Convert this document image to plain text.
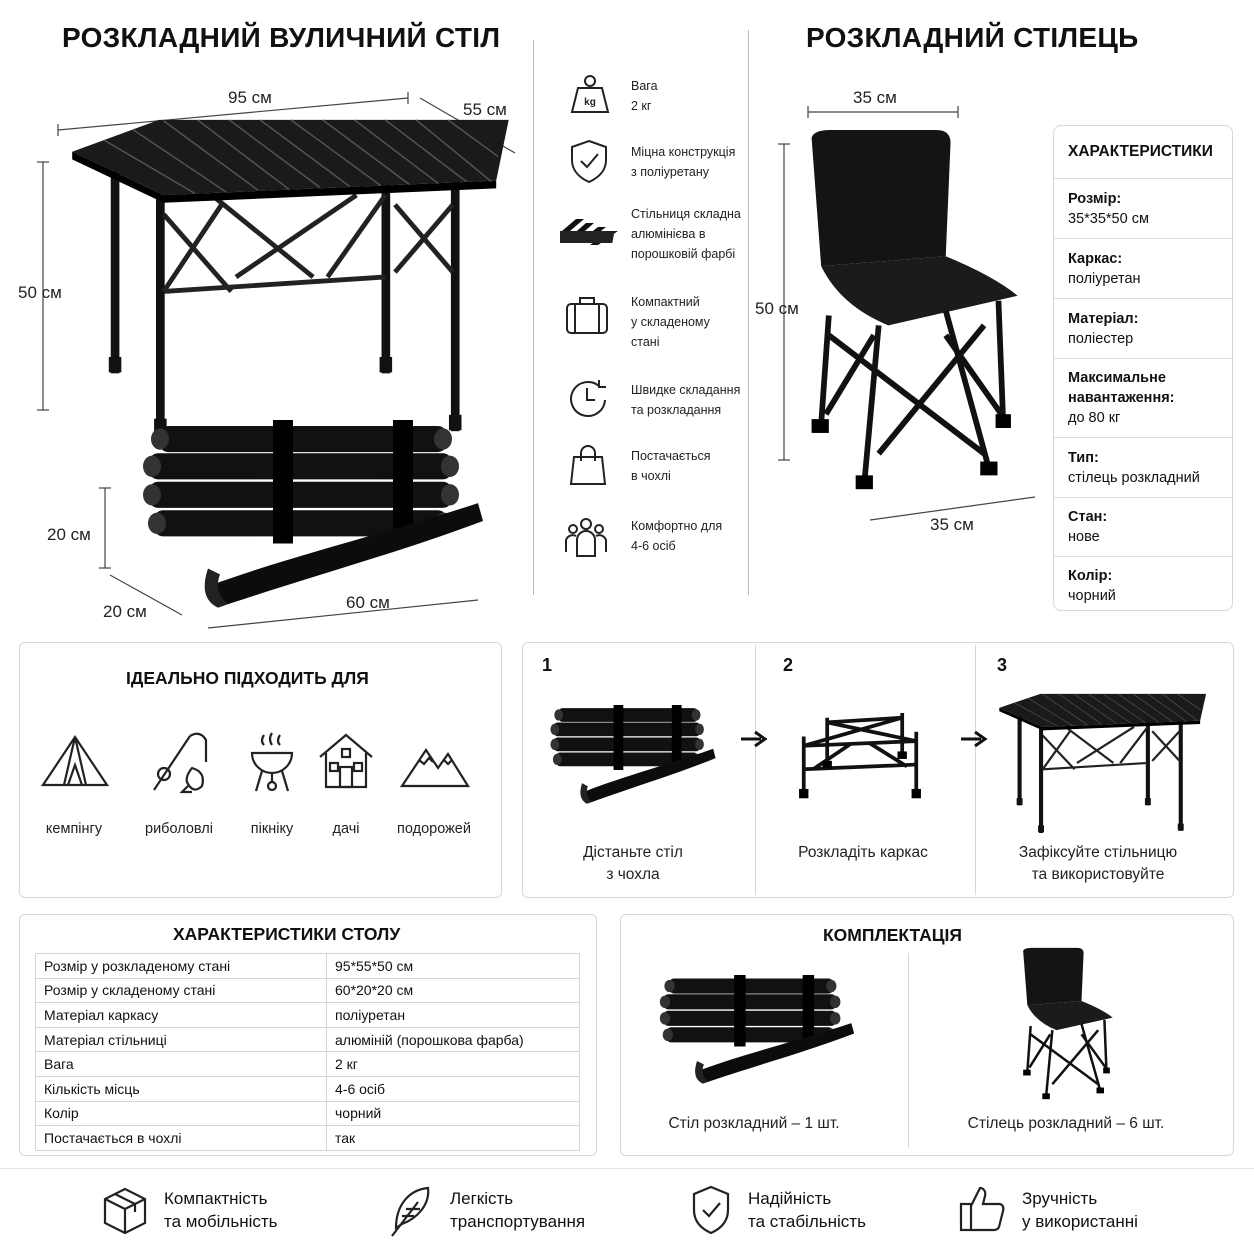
РОЗКЛАДНИЙ ВУЛИЧНИЙ СТІЛ	РОЗКЛАДНИЙ СТІЛЕЦЬ
95 см
55 см
50 см
20 см
20 см	60 см
kg
Вага
2 кг
Міцна конструкція
з поліуретану
Стільниця складна
алюмінієва в
порошковій фарбі
Компактний
у складеному
стані
Швидке складання
та розкладання
Постачається
в чохлі
Комфортно для
4-6 осіб
35 см
50 см
35 см
ХАРАКТЕРИСТИКИ
Розмір:
35*35*50 см
Каркас:
поліуретан
Матеріал:
поліестер
Максимальне
навантаження:
до 80 кг
Тип:
стілець розкладний
Стан:
нове
Колір:
чорний
ІДЕАЛЬНО ПІДХОДИТЬ ДЛЯ
кемпінгу	риболовлі	пікніку	дачі	подорожей
1
Дістаньте стіл
з чохла
2
Розкладіть каркас
3
Зафіксуйте стільницю
та використовуйте
ХАРАКТЕРИСТИКИ СТОЛУ
Розмір у розкладеному стані	95*55*50 см
Розмір у складеному стані	60*20*20 см
Матеріал каркасу	поліуретан
Матеріал стільниці	алюміній (порошкова фарба)
Вага	2 кг
Кількість місць	4-6 осіб
Колір	чорний
Постачається в чохлі	так
КОМПЛЕКТАЦІЯ
Стіл розкладний – 1 шт.	Стілець розкладний – 6 шт.
Компактність
та мобільність
Легкість
транспортування
Надійність
та стабільність
Зручність
у використанні
